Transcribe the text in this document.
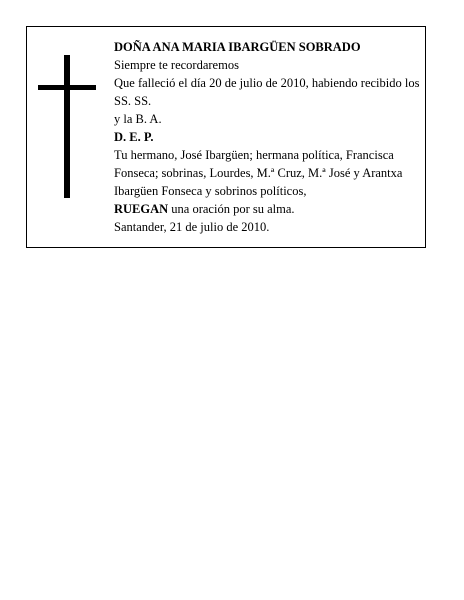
DOÑA ANA MARIA IBARGÜEN SOBRADO

Siempre te recordaremos

Que falleció el día 20 de julio de 2010, habiendo recibido los SS. SS.

y la B. A.

D. E. P.

Tu hermano, José Ibargüen; hermana política, Francisca Fonseca; sobrinas, Lourdes, M.ª Cruz, M.ª José y Arantxa Ibargüen Fonseca y sobrinos políticos,

RUEGAN una oración por su alma.

Santander, 21 de julio de 2010.
